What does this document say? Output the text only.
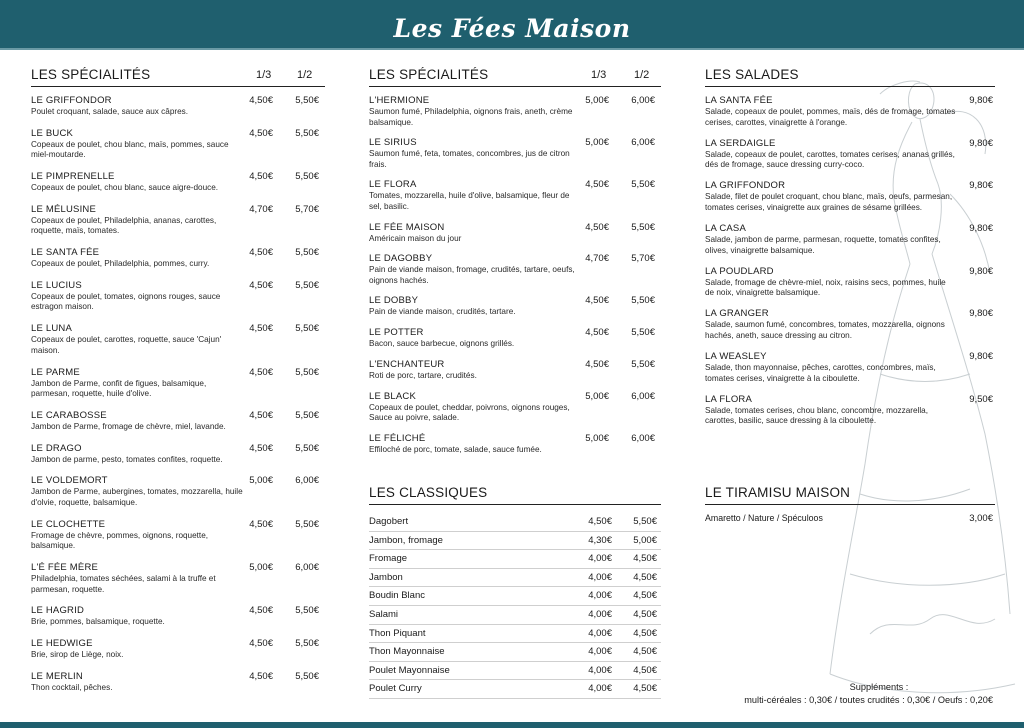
Les Fées Maison
LES SPÉCIALITÉS	1/3 1/2
LE GRIFFONDOR
Poulet croquant, salade, sauce aux câpres.
4,50€	5,50€
LE BUCK
Copeaux de poulet, chou blanc, maïs, pommes, sauce miel-moutarde.
4,50€	5,50€
LE PIMPRENELLE
Copeaux de poulet, chou blanc, sauce aigre-douce.
4,50€	5,50€
LE MÉLUSINE
Copeaux de poulet, Philadelphia, ananas, carottes, roquette, maïs, tomates.
4,70€	5,70€
LE SANTA FÉE
Copeaux de poulet, Philadelphia, pommes, curry.
4,50€	5,50€
LE LUCIUS
Copeaux de poulet, tomates, oignons rouges, sauce estragon maison.
4,50€	5,50€
LE LUNA
Copeaux de poulet, carottes, roquette, sauce 'Cajun' maison.
4,50€	5,50€
LE PARME
Jambon de Parme, confit de figues, balsamique, parmesan, roquette, huile d'olive.
4,50€	5,50€
LE CARABOSSE
Jambon de Parme, fromage de chèvre, miel, lavande.
4,50€	5,50€
LE DRAGO
Jambon de parme, pesto, tomates confites, roquette.
4,50€	5,50€
LE VOLDEMORT
Jambon de Parme, aubergines, tomates, mozzarella, huile d'olvie, roquette, balsamique.
5,00€	6,00€
LE CLOCHETTE
Fromage de chèvre, pommes, oignons, roquette, balsamique.
4,50€	5,50€
L'É FÉE MÈRE
Philadelphia, tomates séchées, salami à la truffe et parmesan, roquette.
5,00€	6,00€
LE HAGRID
Brie, pommes, balsamique, roquette.
4,50€	5,50€
LE HEDWIGE
Brie, sirop de Liège, noix.
4,50€	5,50€
LE MERLIN
Thon cocktail, pêches.
4,50€	5,50€
LES SPÉCIALITÉS	1/3	1/2
L'HERMIONE
Saumon fumé, Philadelphia, oignons frais, aneth, crème balsamique.
5,00€	6,00€
LE SIRIUS
Saumon fumé, feta, tomates, concombres, jus de citron frais.
5,00€	6,00€
LE FLORA
Tomates, mozzarella, huile d'olive, balsamique, fleur de sel, basilic.
4,50€	5,50€
LE FÉE MAISON
Américain maison du jour
4,50€	5,50€
LE DAGOBBY
Pain de viande maison, fromage, crudités, tartare, oeufs, oignons hachés.
4,70€	5,70€
LE DOBBY
Pain de viande maison, crudités, tartare.
4,50€	5,50€
LE POTTER
Bacon, sauce barbecue, oignons grillés.
4,50€	5,50€
L'ENCHANTEUR
Roti de porc, tartare, crudités.
4,50€	5,50€
LE BLACK
Copeaux de poulet, cheddar, poivrons, oignons rouges, Sauce au poivre, salade.
5,00€	6,00€
LE FÉLICHÉ
Effiloché de porc, tomate, salade, sauce fumée.
5,00€	6,00€
LES CLASSIQUES
Dagobert	4,50€	5,50€
Jambon, fromage	4,30€	5,00€
Fromage	4,00€	4,50€
Jambon	4,00€	4,50€
Boudin Blanc	4,00€	4,50€
Salami	4,00€	4,50€
Thon Piquant	4,00€	4,50€
Thon Mayonnaise	4,00€	4,50€
Poulet Mayonnaise	4,00€	4,50€
Poulet Curry	4,00€	4,50€
LES SALADES
LA SANTA FÉE
Salade, copeaux de poulet, pommes, maïs, dés de fromage, tomates cerises, carottes, vinaigrette à l'orange.
9,80€
LA SERDAIGLE
Salade, copeaux de poulet, carottes, tomates cerises, ananas grillés, dés de fromage, sauce dressing curry-coco.
9,80€
LA GRIFFONDOR
Salade, filet de poulet croquant, chou blanc, maïs, oeufs, parmesan, tomates cerises, vinaigrette aux graines de sésame grillées.
9,80€
LA CASA
Salade, jambon de parme, parmesan, roquette, tomates confites, olives, vinaigrette balsamique.
9,80€
LA POUDLARD
Salade, fromage de chèvre-miel, noix, raisins secs, pommes, huile de noix, vinaigrette balsamique.
9,80€
LA GRANGER
Salade, saumon fumé, concombres, tomates, mozzarella, oignons hachés, aneth, sauce dressing au citron.
9,80€
LA WEASLEY
Salade, thon mayonnaise, pêches, carottes, concombres, maïs, tomates cerises, vinaigrette à la ciboulette.
9,80€
LA FLORA
Salade, tomates cerises, chou blanc, concombre, mozzarella, carottes, basilic, sauce dressing à la ciboulette.
9,50€
LE TIRAMISU MAISON
Amaretto / Nature / Spéculoos	3,00€
Suppléments :
multi-céréales : 0,30€ / toutes crudités : 0,30€ / Oeufs : 0,20€
